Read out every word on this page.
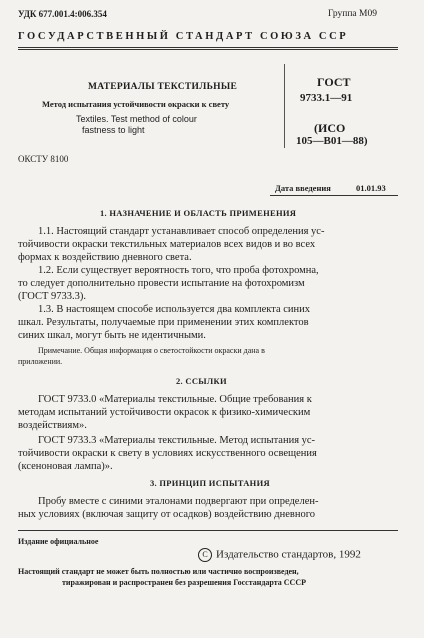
УДК 677.001.4:006.354	Группа М09
ГОСУДАРСТВЕННЫЙ СТАНДАРТ СОЮЗА ССР
МАТЕРИАЛЫ ТЕКСТИЛЬНЫЕ
Метод испытания устойчивости окраски к свету
Textiles. Test method of colour
fastness to light
ГОСТ
9733.1—91
(ИСО
105—B01—88)
ОКСТУ 8100
Дата введения	01.01.93
1. НАЗНАЧЕНИЕ И ОБЛАСТЬ ПРИМЕНЕНИЯ
1.1. Настоящий стандарт устанавливает способ определения ус-
тойчивости окраски текстильных материалов всех видов и во всех
формах к воздействию дневного света.
1.2. Если существует вероятность того, что проба фотохромна,
то следует дополнительно провести испытание на фотохромизм
(ГОСТ 9733.3).
1.3. В настоящем способе используется два комплекта синих
шкал. Результаты, получаемые при применении этих комплектов
синих шкал, могут быть не идентичными.
Примечание. Общая информация о светостойкости окраски дана в
приложении.
2. ССЫЛКИ
ГОСТ 9733.0 «Материалы текстильные. Общие требования к
методам испытаний устойчивости окрасок к физико-химическим
воздействиям».
ГОСТ 9733.3 «Материалы текстильные. Метод испытания ус-
тойчивости окраски к свету в условиях искусственного освещения
(ксеноновая лампа)».
3. ПРИНЦИП ИСПЫТАНИЯ
Пробу вместе с синими эталонами подвергают при определен-
ных условиях (включая защиту от осадков) воздействию дневного
Издание официальное
C Издательство стандартов, 1992
Настоящий стандарт не может быть полностью или частично воспроизведен,
тиражирован и распространен без разрешения Госстандарта СССР
